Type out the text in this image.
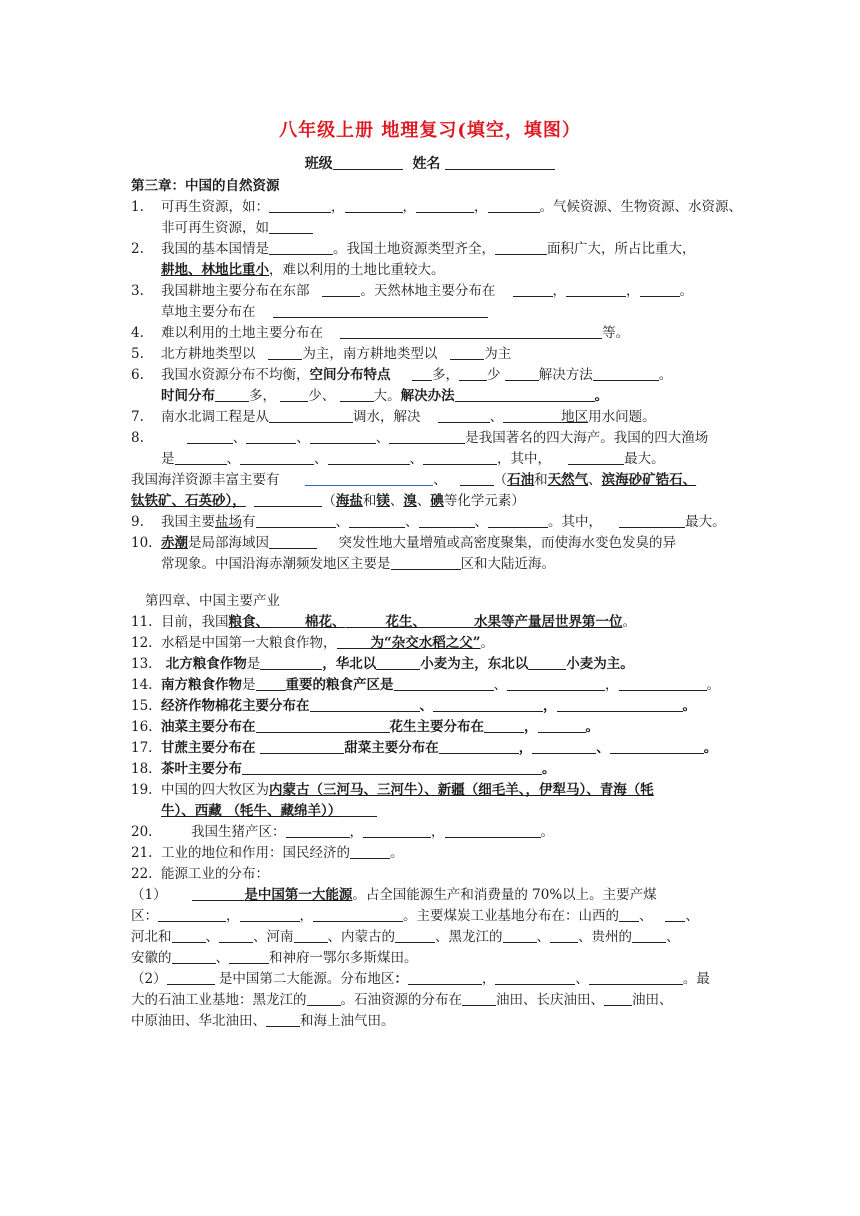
八年级上册 地理复习(填空，填图）
班级	姓名
第三章：中国的自然资源
1. 可再生资源，如：	，	，	，	。气候资源、生物资源、水资源、
非可再生资源，如
2. 我国的基本国情是	。我国土地资源类型齐全，	面积广大，所占比重大，
耕地、林地比重小，难以利用的土地比重较大。
3. 我国耕地主要分布在东部	。天然林地主要分布在	，	，	。
草地主要分布在
4. 难以利用的土地主要分布在	等。
5. 北方耕地类型以	为主，南方耕地类型以	为主
6. 我国水资源分布不均衡，空间分布特点	多， 少	解决方法	。
时间分布	多， 少、	大。解决办法	。
7. 南水北调工程是从	调水，解决	、	地区用水问题。
8.	、	、	、	是我国著名的四大海产。我国的四大渔场
是	、	、	、	，其中，	最大。
我国海洋资源丰富主要有	、	（石油和天然气、滨海砂矿锆石、
钛铁矿、石英砂），	（海盐和镁、溴、碘等化学元素）
9. 我国主要盐场有	、	、	、	。其中，	最大。
10. 赤潮是局部海域因	突发性地大量增殖或高密度聚集，而使海水变色发臭的异
常现象。中国沿海赤潮频发地区主要是	区和大陆近海。
第四章、中国主要产业
11. 目前，我国粮食、	棉花、	花生、	水果等产量居世界第一位。
12. 水稻是中国第一大粮食作物，	为“杂交水稻之父”。
13. 北方粮食作物是	，华北以	小麦为主，东北以	小麦为主。
14. 南方粮食作物是 重要的粮食产区是	、	，	。
15. 经济作物棉花主要分布在	、	，	。
16. 油菜主要分布在	花生主要分布在	，	。
17. 甘蔗主要分布在	甜菜主要分布在	，	、	。
18. 茶叶主要分布	。
19. 中国的四大牧区为内蒙古（三河马、三河牛）、新疆（细毛羊、，伊犁马）、青海（牦
牛）、西藏 （牦牛、藏绵羊））
20.	我国生猪产区：	，	，	。
21. 工业的地位和作用：国民经济的	。
22. 能源工业的分布：
（1）	是中国第一大能源。占全国能源生产和消费量的 70%以上。主要产煤
区：	，	，	。主要煤炭工业基地分布在：山西的 、   、
河北和	、	、河南	、内蒙古的	、黑龙江的	、 、贵州的	、
安徽的	、	和神府一鄂尔多斯煤田。
（2）	是中国第二大能源。分布地区：	，	、	。最
大的石油工业基地：黑龙江的	。石油资源的分布在	油田、长庆油田、 油田、
中原油田、华北油田、	和海上油气田。
